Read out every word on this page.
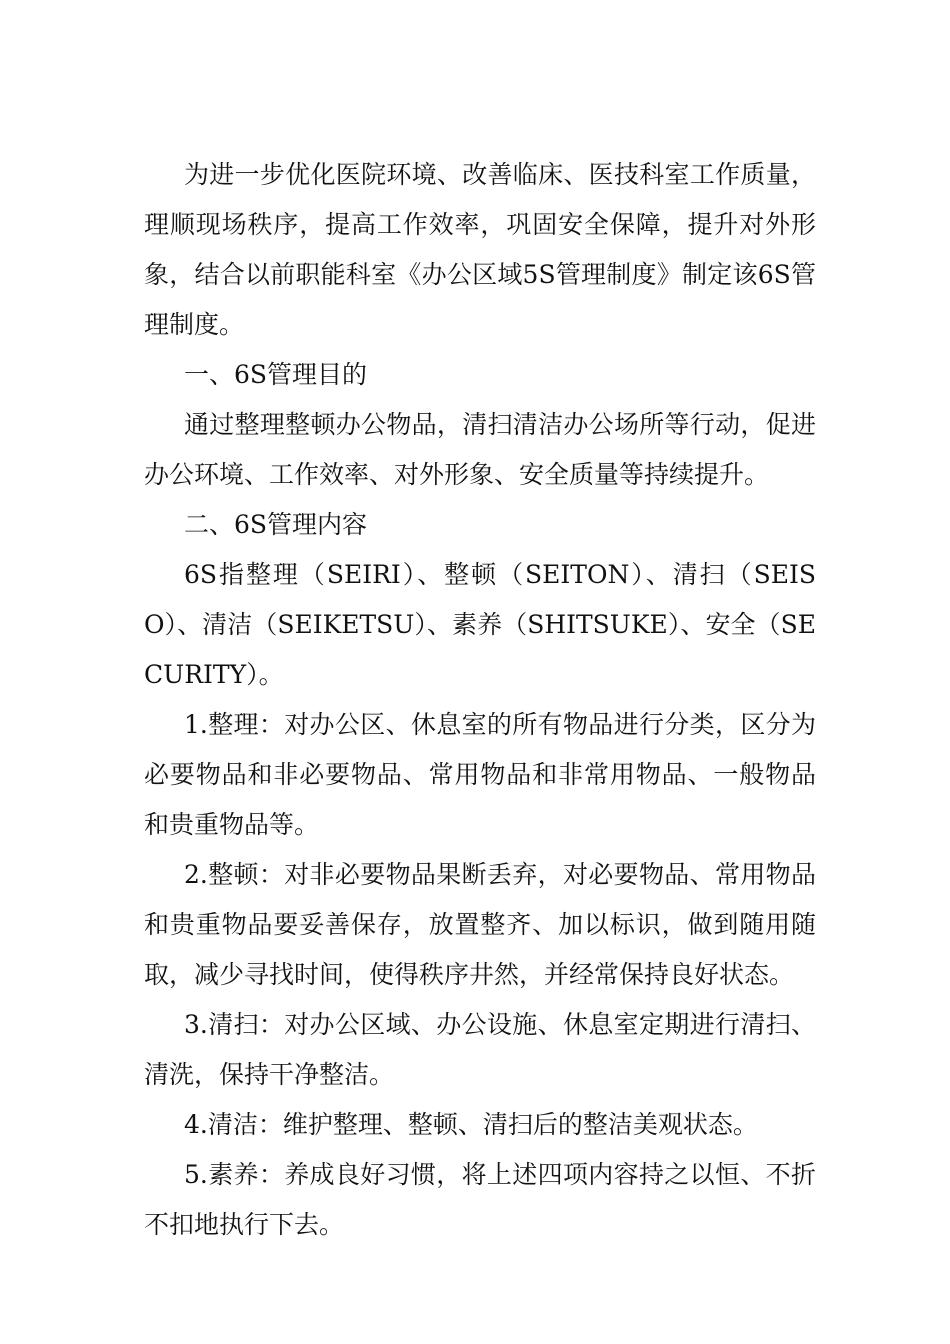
为进一步优化医院环境、改善临床、医技科室工作质量，理顺现场秩序，提高工作效率，巩固安全保障，提升对外形象，结合以前职能科室《办公区域5S管理制度》制定该6S管理制度。

一、6S管理目的

通过整理整顿办公物品，清扫清洁办公场所等行动，促进办公环境、工作效率、对外形象、安全质量等持续提升。

二、6S管理内容

6S指整理（SEIRI）、整顿（SEITON）、清扫（SEISO）、清洁（SEIKETSU）、素养（SHITSUKE）、安全（SECURITY）。

1.整理：对办公区、休息室的所有物品进行分类，区分为必要物品和非必要物品、常用物品和非常用物品、一般物品和贵重物品等。

2.整顿：对非必要物品果断丢弃，对必要物品、常用物品和贵重物品要妥善保存，放置整齐、加以标识，做到随用随取，减少寻找时间，使得秩序井然，并经常保持良好状态。

3.清扫：对办公区域、办公设施、休息室定期进行清扫、清洗，保持干净整洁。

4.清洁：维护整理、整顿、清扫后的整洁美观状态。

5.素养：养成良好习惯，将上述四项内容持之以恒、不折不扣地执行下去。
